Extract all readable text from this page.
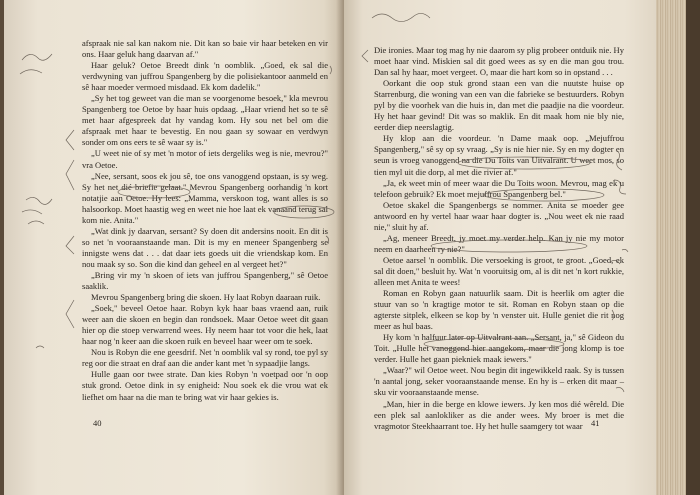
afspraak nie sal kan nakom nie. Dit kan so baie vir haar beteken en vir ons. Haar geluk hang daarvan af."

Haar geluk? Oetoe Breedt dink 'n oomblik. „Goed, ek sal die verdwyning van juffrou Spangenberg by die polisiekantoor aanmeld en sê haar moeder vermoed misdaad. Ek kom dadelik."

„Sy het tog geweet van die man se voorgenome besoek," kla mevrou Spangenberg toe Oetoe by haar huis opdaag. „Haar vriend het so te sê met haar afgespreek dat hy vandag kom. Hy sou net bel om die afspraak met haar te bevestig. En nou gaan sy sowaar en verdwyn sonder om ons eers te sê waar sy is."

„U weet nie of sy met 'n motor of iets dergeliks weg is nie, mevrou?" vra Oetoe.

„Nee, sersant, soos ek jou sê, toe ons vanoggend opstaan, is sy weg. Sy het net dié briefie gelaat." Mevrou Spangenberg oorhandig 'n kort notatjie aan Oetoe. Hy lees: „Mamma, verskoon tog, want alles is so halsoorkop. Moet haastig weg en weet nie hoe laat ek vanaand terug sal kom nie. Anita."

„Wat dink jy daarvan, sersant? Sy doen dit andersins nooit. En dit is so net 'n vooraanstaande man. Dit is my en meneer Spangenberg se innigste wens dat . . . dat daar iets goeds uit die vriendskap kom. En nou maak sy so. Son die kind dan geheel en al vergeet het?"

„Bring vir my 'n skoen of iets van juffrou Spangenberg," sê Oetoe saaklik.

Mevrou Spangenberg bring die skoen. Hy laat Robyn daaraan ruik.

„Soek," beveel Oetoe haar. Robyn kyk haar baas vraend aan, ruik weer aan die skoen en begin dan rondsoek. Maar Oetoe weet dit gaan hier op die stoep verwarrend wees. Hy neem haar tot voor die hek, laat haar nog 'n keer aan die skoen ruik en beveel haar weer om te soek.

Nou is Robyn die ene geesdrif. Net 'n oomblik val sy rond, toe pyl sy reg oor die straat en draf aan die ander kant met 'n sypaadjie langs.

Hulle gaan oor twee strate. Dan kies Robyn 'n voetpad oor 'n oop stuk grond. Oetoe dink in sy enigheid: Nou soek ek die vrou wat ek liefhet om haar na die man te bring wat vir haar gekies is.

40

Die ironies. Maar tog mag hy nie daarom sy plig probeer ontduik nie. Hy moet haar vind. Miskien sal dit goed wees as sy en die man gou trou. Dan sal hy haar, moet vergeet. O, maar die hart kom so in opstand . . .

Oorkant die oop stuk grond staan een van die nuutste huise op Starrenburg, die woning van een van die fabrieke se bestuurders. Robyn pyl by die voorhek van die huis in, dan met die paadjie na die voordeur. Hy het haar gevind! Dit was so maklik. En dit maak hom nie bly nie, eerder diep neerslagtig.

Hy klop aan die voordeur. 'n Dame maak oop. „Mejuffrou Spangenberg," sê sy op sy vraag. „Sy is nie hier nie. Sy en my dogter en seun is vroeg vanoggend na die Du Toits van Uitvalrant. U weet mos, so tien myl uit die dorp, al met die rivier af."

„Ja, ek weet min of meer waar die Du Toits woon. Mevrou, mag ek u telefoon gebruik? Ek moet mejuffrou Spangenberg bel."

Oetoe skakel die Spangenbergs se nommer. Anita se moeder gee antwoord en hy vertel haar waar haar dogter is. „Nou weet ek nie raad nie," sluit hy af.

„Ag, meneer Breedt, jy moet my verder help. Kan jy nie my motor neem en daarheen ry nie?"

Oetoe aarsel 'n oomblik. Die versoeking is groot, te groot. „Goed, ek sal dit doen," besluit hy. Wat 'n vooruitsig om, al is dit net 'n kort rukkie, alleen met Anita te wees!

Roman en Robyn gaan natuurlik saam. Dit is heerlik om agter die stuur van so 'n kragtige motor te sit. Roman en Robyn staan op die agterste sitplek, elkeen se kop by 'n venster uit. Hulle geniet die rit nog meer as hul baas.

Hy kom 'n halfuur later op Uitvalrant aan. „Sersant, ja," sê Gideon du Toit. „Hulle het vanoggend hier aangekom, maar die jong klomp is toe verder. Hulle het gaan piekniek maak iewers."

„Waar?" wil Oetoe weet. Nou begin dit ingewikkeld raak. Sy is tussen 'n aantal jong, seker vooraanstaande mense. En hy is – erken dit maar – sku vir vooraanstaande mense.

„Man, hier in die berge en klowe iewers. Jy ken mos dié wêreld. Die een plek sal aanlokliker as die ander wees. My broer is met die vragmotor Steekhaarrant toe. Hy het hulle saamgery tot waar 41
